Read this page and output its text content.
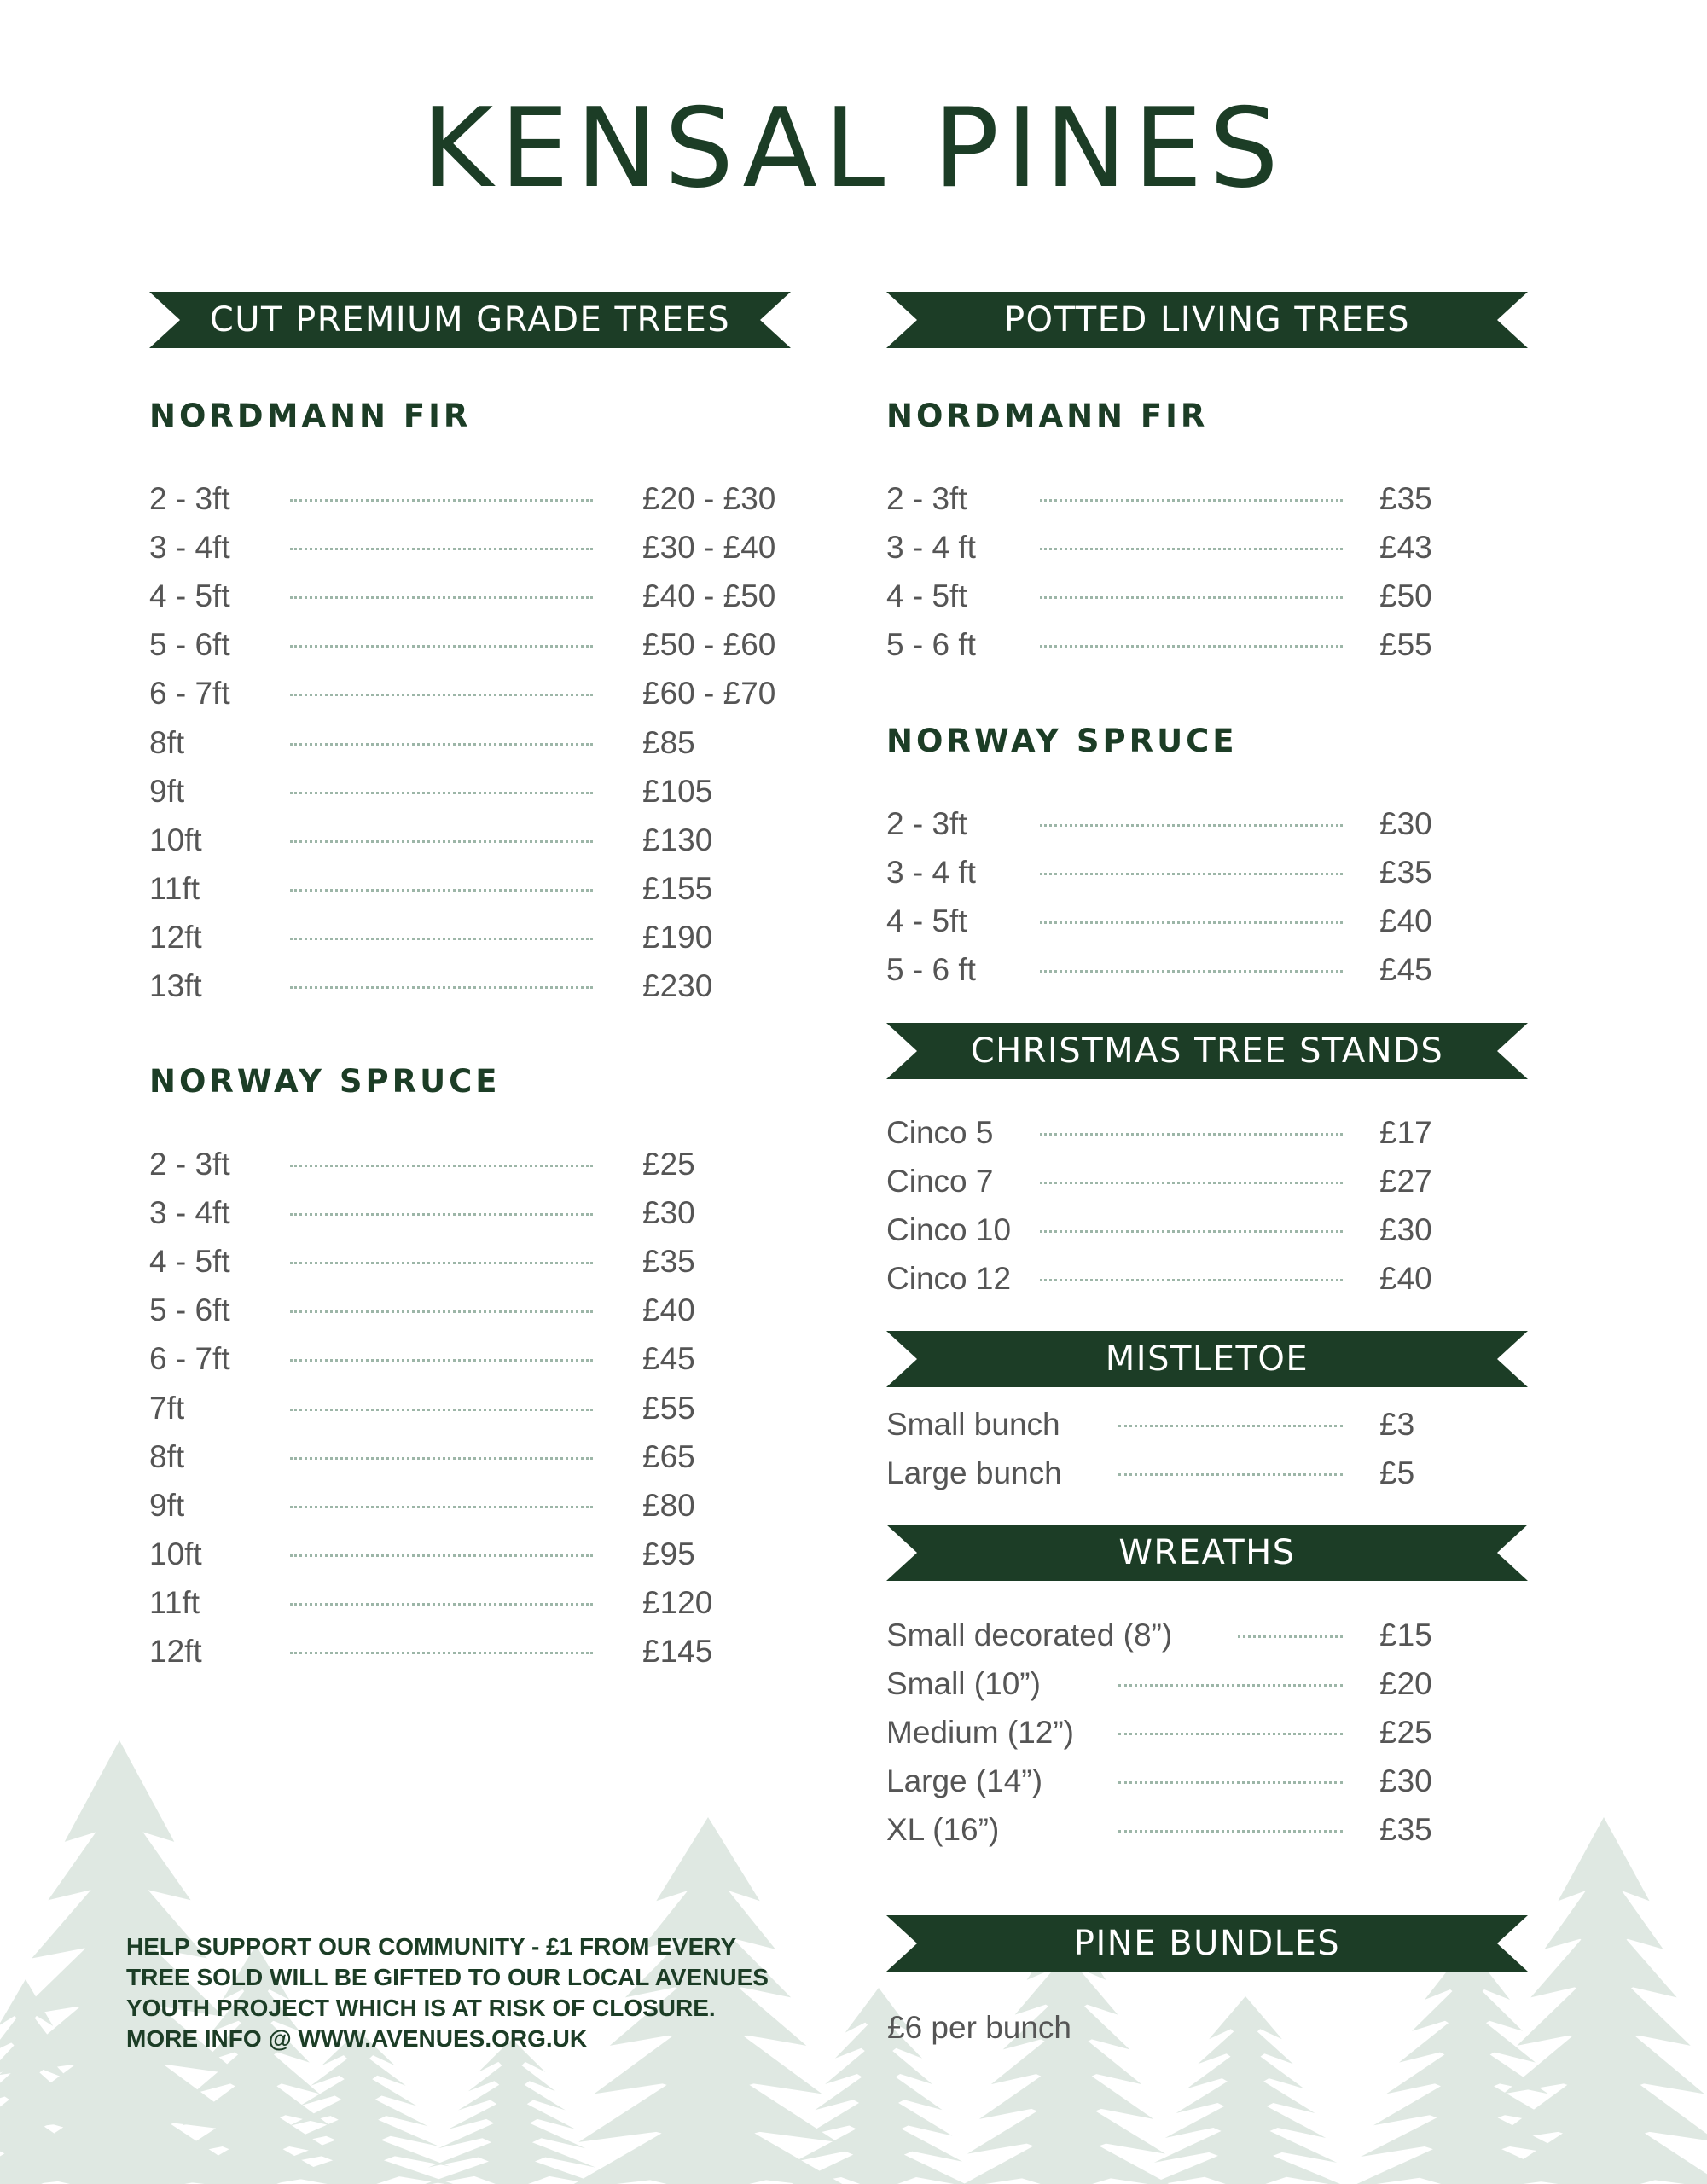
KENSAL PINES
CUT PREMIUM GRADE TREES
NORDMANN FIR
2 - 3ft	£20 - £30
3 - 4ft	£30 - £40
4 - 5ft	£40 - £50
5 - 6ft	£50 - £60
6 - 7ft	£60 - £70
8ft	£85
9ft	£105
10ft	£130
11ft	£155
12ft	£190
13ft	£230
NORWAY SPRUCE
2 - 3ft	£25
3 - 4ft	£30
4 - 5ft	£35
5 - 6ft	£40
6 - 7ft	£45
7ft	£55
8ft	£65
9ft	£80
10ft	£95
11ft	£120
12ft	£145
HELP SUPPORT OUR COMMUNITY - £1 FROM EVERY TREE SOLD WILL BE GIFTED TO OUR LOCAL AVENUES YOUTH PROJECT WHICH IS AT RISK OF CLOSURE. MORE INFO @ WWW.AVENUES.ORG.UK
POTTED LIVING TREES
NORDMANN FIR
2 - 3ft	£35
3 - 4 ft	£43
4 - 5ft	£50
5 - 6 ft	£55
NORWAY SPRUCE
2 - 3ft	£30
3 - 4 ft	£35
4 - 5ft	£40
5 - 6 ft	£45
CHRISTMAS TREE STANDS
Cinco 5	£17
Cinco 7	£27
Cinco 10	£30
Cinco 12	£40
MISTLETOE
Small bunch	£3
Large bunch	£5
WREATHS
Small decorated (8”)	£15
Small (10”)	£20
Medium (12”)	£25
Large (14”)	£30
XL (16”)	£35
PINE BUNDLES
£6 per bunch
